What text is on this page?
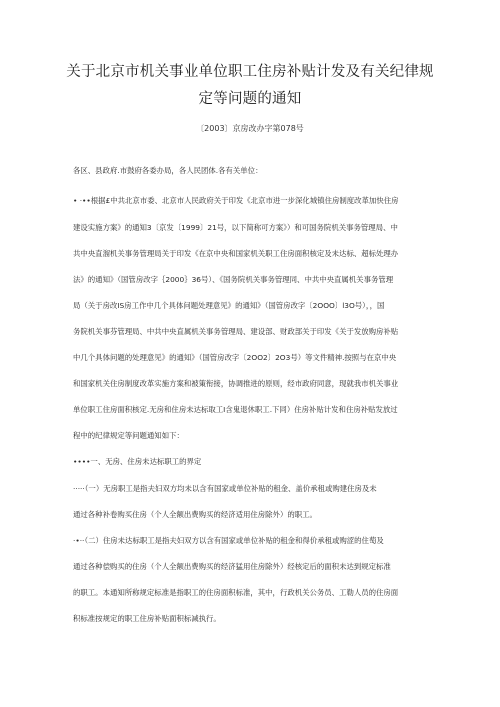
关于北京市机关事业单位职工住房补贴计发及有关纪律规
定等问题的通知
〔2003〕京房改办字第078号
各区、县政府.市鼓府各委办局，各人民团体.各有关单位：
• ·••根据£中共北京市委、北京市人民政府关于印发《北京市进一步深化城镇住房制度改革加快住房
建设实施方案》的通知3〔京发〔1999〕21号，以下简称可方案》）和可国务院机关事务管理局、中
共中央直溜机关事务管理局关于印发《在京中央和国家机关职工住房面积核定及未达标、超标处理办
法》的通知》（国管房改字｛2000｝36号）、《国务院机关事务管理同、中共中央直属机关事务管理
局（关于房改IS房工作中几个具体问题处理意见》的通知》（国管房改字〔2OOO〕l3O号），，国
务院机关事芬管理局、中共中央直属机关事务管理局、建设部、财政部关于印发《关于发放购房补贴
中几个具体问题的处理意见》的通知》（国管房改字〔2OO2〕2O3号）等文件精神.按照与在京中央
和国家机关住房制度改革实施方案和被策衔接，协调推进的原则，经市政府同意，现就我市机关事业
单位职工住房面积核定.无房和住房未达标取工I含鬼退休职工.下同）住房补贴计发和住房补贴发放过
程中的纪律规定等问题通知如下：
••••一、无房、住房未达标职工的界定
·····（一）无房职工是指夫妇双方均未以含有国家或单位补贴的租金、盖价承租或购建住房及未
通过各种补卷购买住房（个人全额出费购买的经济适用住房除外）的职工。
·•··（二）住房未达标职工是指夫妇双方以含有国家或单位补贴的租金和得价承租或购涩的住萄及
通过各种偿购买的住房（个人全额出费购买的经济猛用住房除外）经核定后的面积未达到规定标准
的职工。本通知所称规定标准是指职工的住房面积标准，其中，行政机关公务员、工勒人员的住房面
积标准按规定的职工住房补贴面积标减执行。
